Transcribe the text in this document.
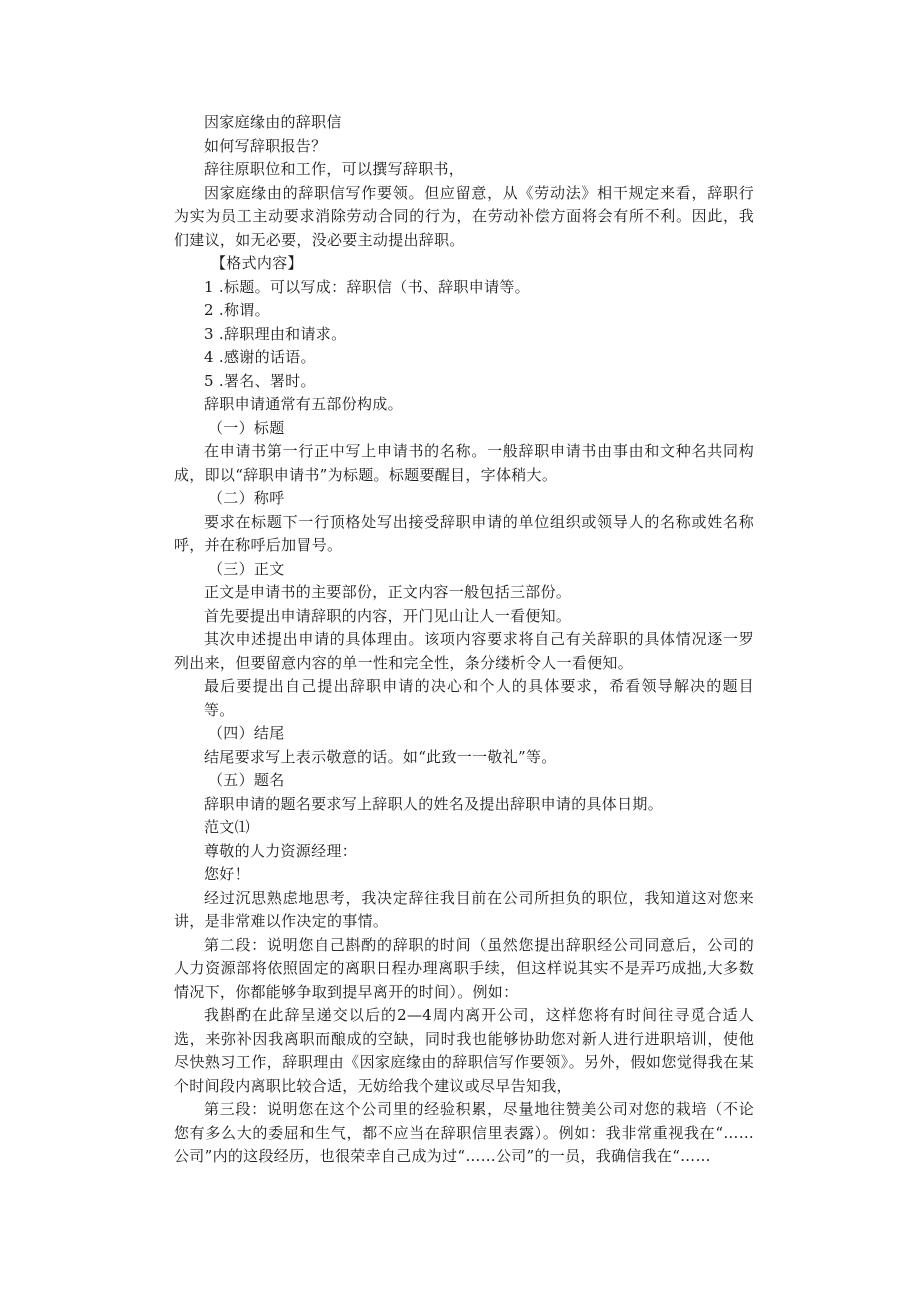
因家庭缘由的辞职信

如何写辞职报告？

辞往原职位和工作，可以撰写辞职书，

因家庭缘由的辞职信写作要领。但应留意，从《劳动法》相干规定来看，辞职行为实为员工主动要求消除劳动合同的行为，在劳动补偿方面将会有所不利。因此，我们建议，如无必要，没必要主动提出辞职。

【格式内容】

1 .标题。可以写成：辞职信（书、辞职申请等。

2 .称谓。

3 .辞职理由和请求。

4 .感谢的话语。

5 .署名、署时。

辞职申请通常有五部份构成。

（一）标题

在申请书第一行正中写上申请书的名称。一般辞职申请书由事由和文种名共同构成，即以“辞职申请书”为标题。标题要醒目，字体稍大。

（二）称呼

要求在标题下一行顶格处写出接受辞职申请的单位组织或领导人的名称或姓名称呼，并在称呼后加冒号。

（三）正文

正文是申请书的主要部份，正文内容一般包括三部份。

首先要提出申请辞职的内容，开门见山让人一看便知。

其次申述提出申请的具体理由。该项内容要求将自己有关辞职的具体情况逐一罗列出来，但要留意内容的单一性和完全性，条分缕析令人一看便知。

最后要提出自己提出辞职申请的决心和个人的具体要求，希看领导解决的题目等。

（四）结尾

结尾要求写上表示敬意的话。如“此致一一敬礼”等。

（五）题名

辞职申请的题名要求写上辞职人的姓名及提出辞职申请的具体日期。

范文⑴

尊敬的人力资源经理：

您好！

经过沉思熟虑地思考，我决定辞往我目前在公司所担负的职位，我知道这对您来讲，是非常难以作决定的事情。

第二段：说明您自己斟酌的辞职的时间（虽然您提出辞职经公司同意后，公司的人力资源部将依照固定的离职日程办理离职手续，但这样说其实不是弄巧成拙,大多数情况下，你都能够争取到提早离开的时间）。例如：

我斟酌在此辞呈递交以后的2—4周内离开公司，这样您将有时间往寻觅合适人选，来弥补因我离职而酿成的空缺，同时我也能够协助您对新人进行进职培训，使他尽快熟习工作，辞职理由《因家庭缘由的辞职信写作要领》。另外，假如您觉得我在某个时间段内离职比较合适，无妨给我个建议或尽早告知我，

第三段：说明您在这个公司里的经验积累，尽量地往赞美公司对您的栽培（不论您有多么大的委屈和生气，都不应当在辞职信里表露）。例如：我非常重视我在“……公司”内的这段经历，也很荣幸自己成为过“……公司”的一员，我确信我在“……
